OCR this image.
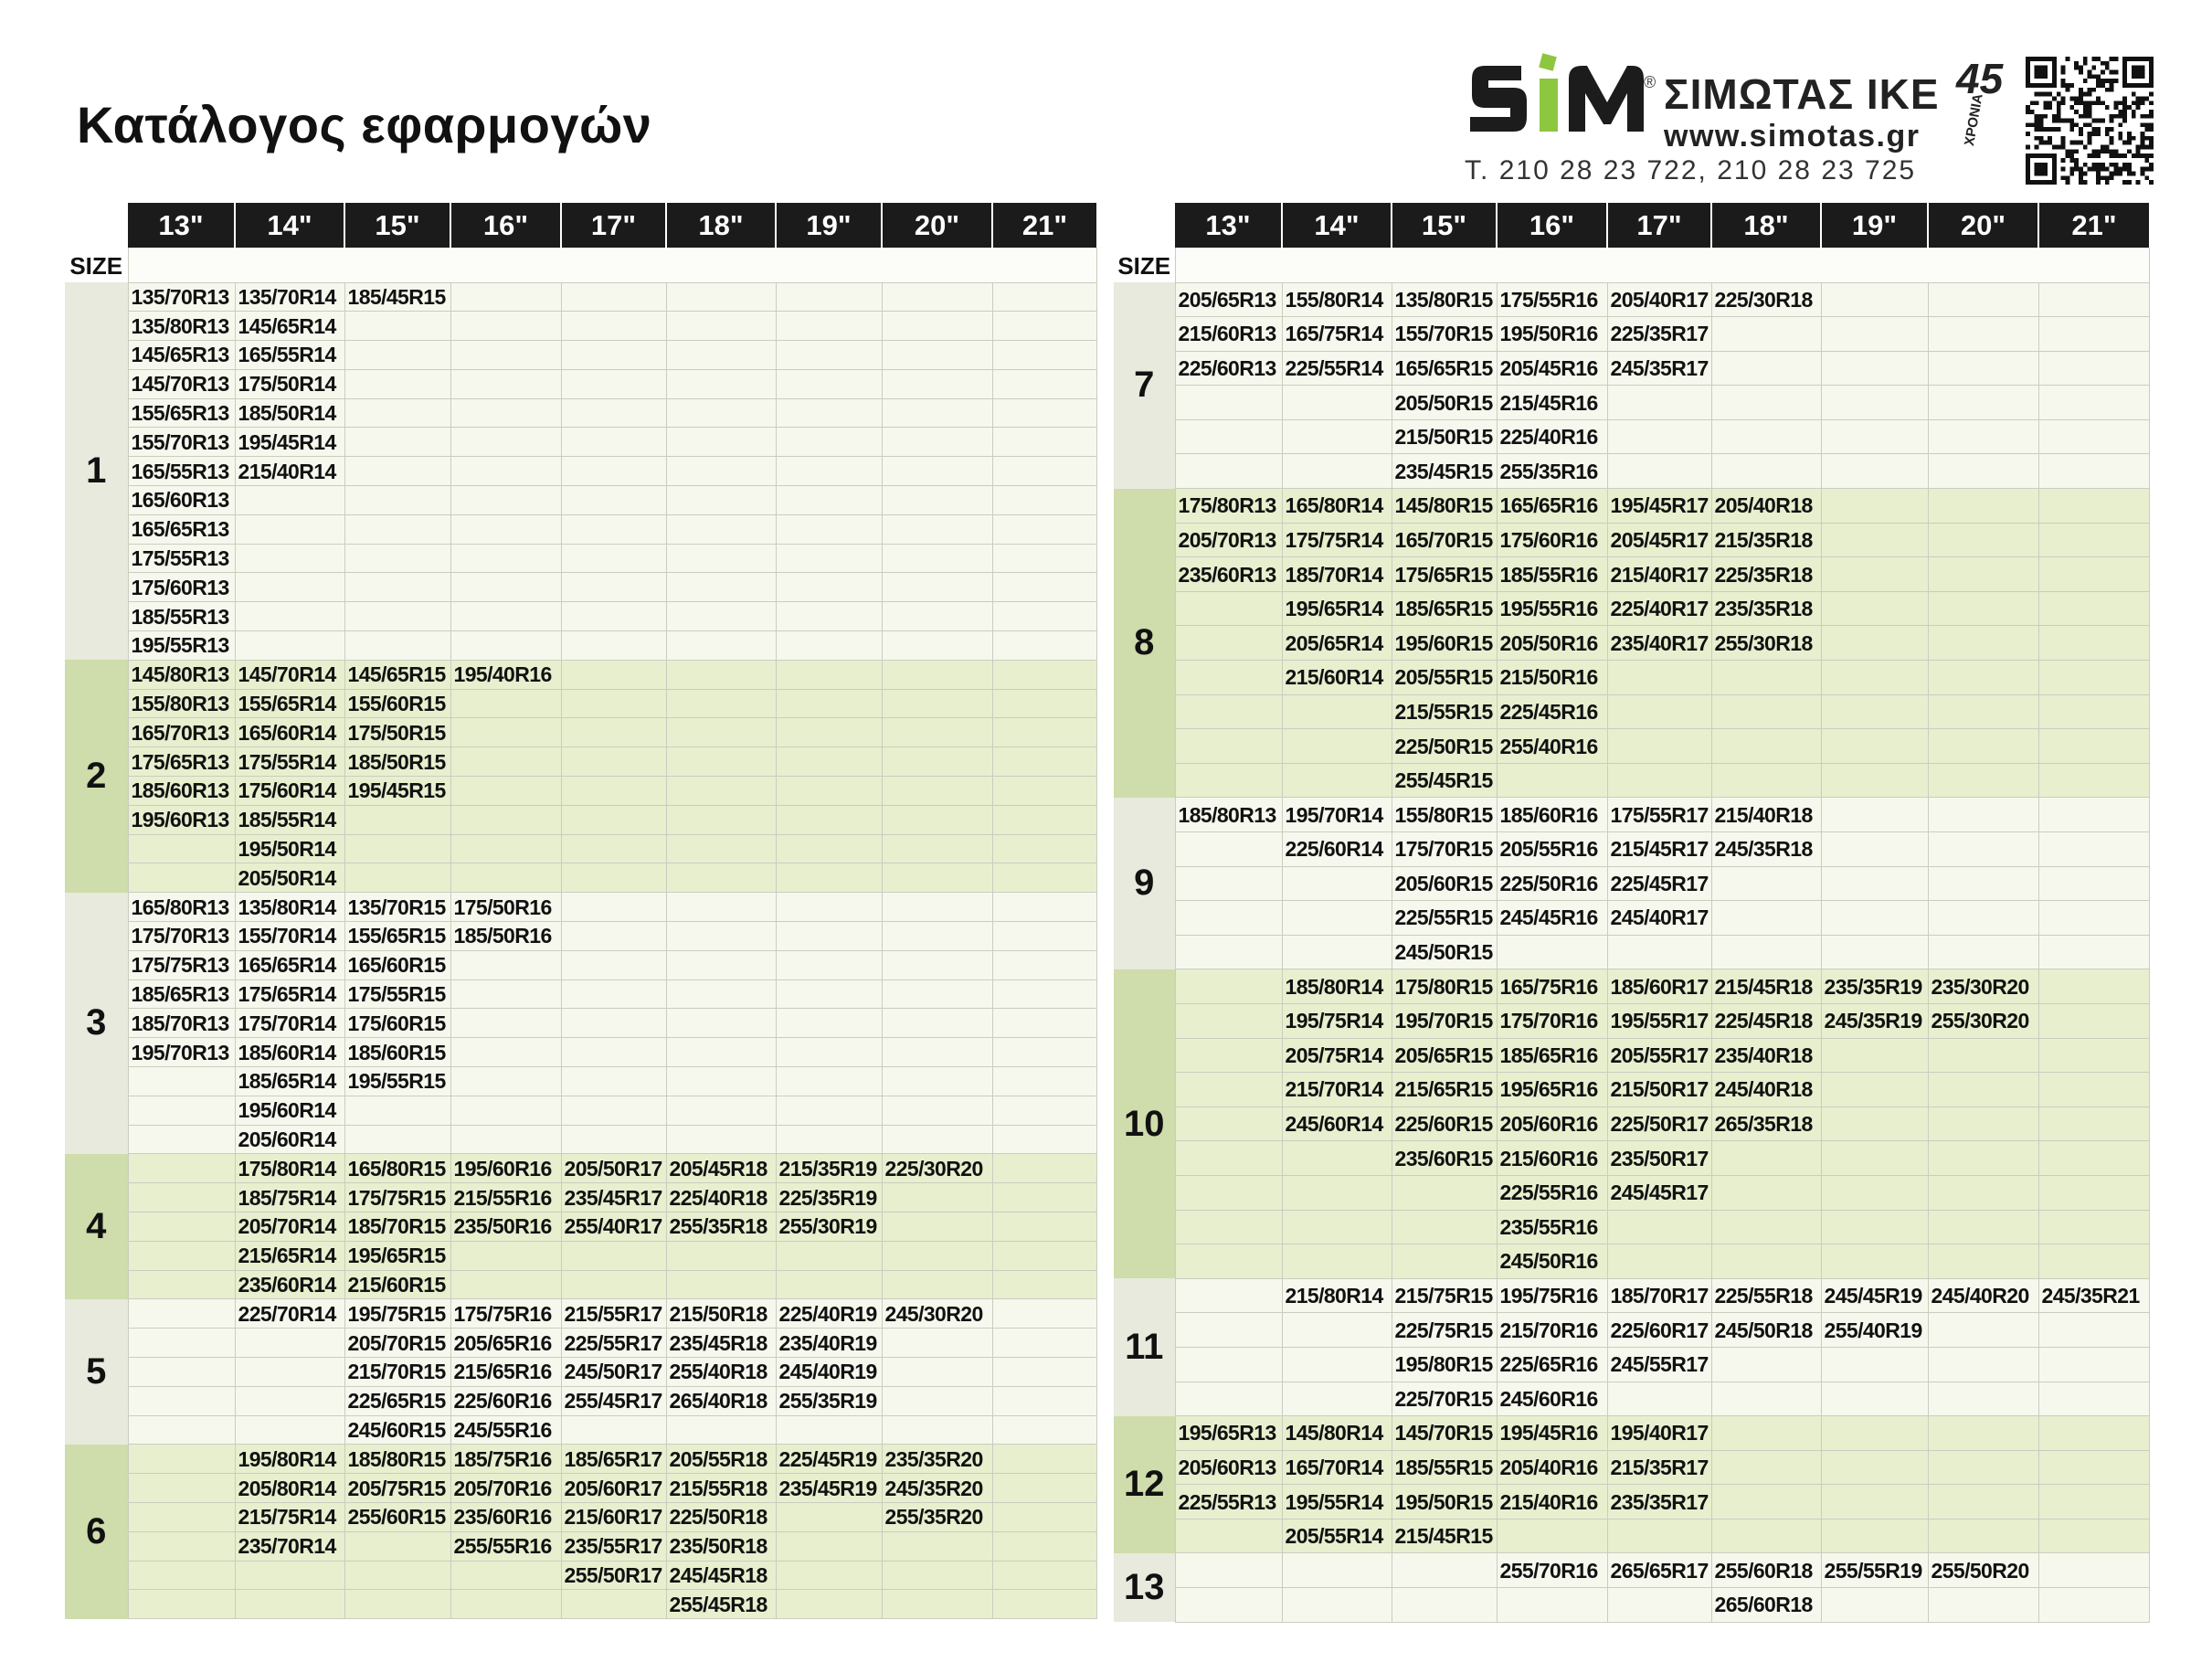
Κατάλογος εφαρμογών
® ΣΙΜΩΤΑΣ ΙΚΕ
www.simotas.gr
Τ. 210 28 23 722, 210 28 23 725
45
ΧΡΟΝΙΑ
	13"	14"	15"	16"	17"	18"	19"	20"	21"
SIZE									
1	135/70R13	135/70R14	185/45R15						
	135/80R13	145/65R14							
	145/65R13	165/55R14							
	145/70R13	175/50R14							
	155/65R13	185/50R14							
	155/70R13	195/45R14							
	165/55R13	215/40R14							
	165/60R13								
	165/65R13								
	175/55R13								
	175/60R13								
	185/55R13								
	195/55R13								
2	145/80R13	145/70R14	145/65R15	195/40R16					
	155/80R13	155/65R14	155/60R15						
	165/70R13	165/60R14	175/50R15						
	175/65R13	175/55R14	185/50R15						
	185/60R13	175/60R14	195/45R15						
	195/60R13	185/55R14							
		195/50R14							
		205/50R14							
3	165/80R13	135/80R14	135/70R15	175/50R16					
	175/70R13	155/70R14	155/65R15	185/50R16					
	175/75R13	165/65R14	165/60R15						
	185/65R13	175/65R14	175/55R15						
	185/70R13	175/70R14	175/60R15						
	195/70R13	185/60R14	185/60R15						
		185/65R14	195/55R15						
		195/60R14							
		205/60R14							
4		175/80R14	165/80R15	195/60R16	205/50R17	205/45R18	215/35R19	225/30R20	
		185/75R14	175/75R15	215/55R16	235/45R17	225/40R18	225/35R19		
		205/70R14	185/70R15	235/50R16	255/40R17	255/35R18	255/30R19		
		215/65R14	195/65R15						
		235/60R14	215/60R15						
5		225/70R14	195/75R15	175/75R16	215/55R17	215/50R18	225/40R19	245/30R20	
			205/70R15	205/65R16	225/55R17	235/45R18	235/40R19		
			215/70R15	215/65R16	245/50R17	255/40R18	245/40R19		
			225/65R15	225/60R16	255/45R17	265/40R18	255/35R19		
			245/60R15	245/55R16					
6		195/80R14	185/80R15	185/75R16	185/65R17	205/55R18	225/45R19	235/35R20	
		205/80R14	205/75R15	205/70R16	205/60R17	215/55R18	235/45R19	245/35R20	
		215/75R14	255/60R15	235/60R16	215/60R17	225/50R18		255/35R20	
		235/70R14		255/55R16	235/55R17	235/50R18			
					255/50R17	245/45R18			
						255/45R18			
	13"	14"	15"	16"	17"	18"	19"	20"	21"
SIZE									
7	205/65R13	155/80R14	135/80R15	175/55R16	205/40R17	225/30R18			
	215/60R13	165/75R14	155/70R15	195/50R16	225/35R17				
	225/60R13	225/55R14	165/65R15	205/45R16	245/35R17				
			205/50R15	215/45R16					
			215/50R15	225/40R16					
			235/45R15	255/35R16					
8	175/80R13	165/80R14	145/80R15	165/65R16	195/45R17	205/40R18			
	205/70R13	175/75R14	165/70R15	175/60R16	205/45R17	215/35R18			
	235/60R13	185/70R14	175/65R15	185/55R16	215/40R17	225/35R18			
		195/65R14	185/65R15	195/55R16	225/40R17	235/35R18			
		205/65R14	195/60R15	205/50R16	235/40R17	255/30R18			
		215/60R14	205/55R15	215/50R16					
			215/55R15	225/45R16					
			225/50R15	255/40R16					
			255/45R15						
9	185/80R13	195/70R14	155/80R15	185/60R16	175/55R17	215/40R18			
		225/60R14	175/70R15	205/55R16	215/45R17	245/35R18			
			205/60R15	225/50R16	225/45R17				
			225/55R15	245/45R16	245/40R17				
			245/50R15						
10		185/80R14	175/80R15	165/75R16	185/60R17	215/45R18	235/35R19	235/30R20	
		195/75R14	195/70R15	175/70R16	195/55R17	225/45R18	245/35R19	255/30R20	
		205/75R14	205/65R15	185/65R16	205/55R17	235/40R18			
		215/70R14	215/65R15	195/65R16	215/50R17	245/40R18			
		245/60R14	225/60R15	205/60R16	225/50R17	265/35R18			
			235/60R15	215/60R16	235/50R17				
				225/55R16	245/45R17				
				235/55R16					
				245/50R16					
11		215/80R14	215/75R15	195/75R16	185/70R17	225/55R18	245/45R19	245/40R20	245/35R21
			225/75R15	215/70R16	225/60R17	245/50R18	255/40R19		
			195/80R15	225/65R16	245/55R17				
			225/70R15	245/60R16					
12	195/65R13	145/80R14	145/70R15	195/45R16	195/40R17				
	205/60R13	165/70R14	185/55R15	205/40R16	215/35R17				
	225/55R13	195/55R14	195/50R15	215/40R16	235/35R17				
		205/55R14	215/45R15						
13				255/70R16	265/65R17	255/60R18	255/55R19	255/50R20	
						265/60R18			
